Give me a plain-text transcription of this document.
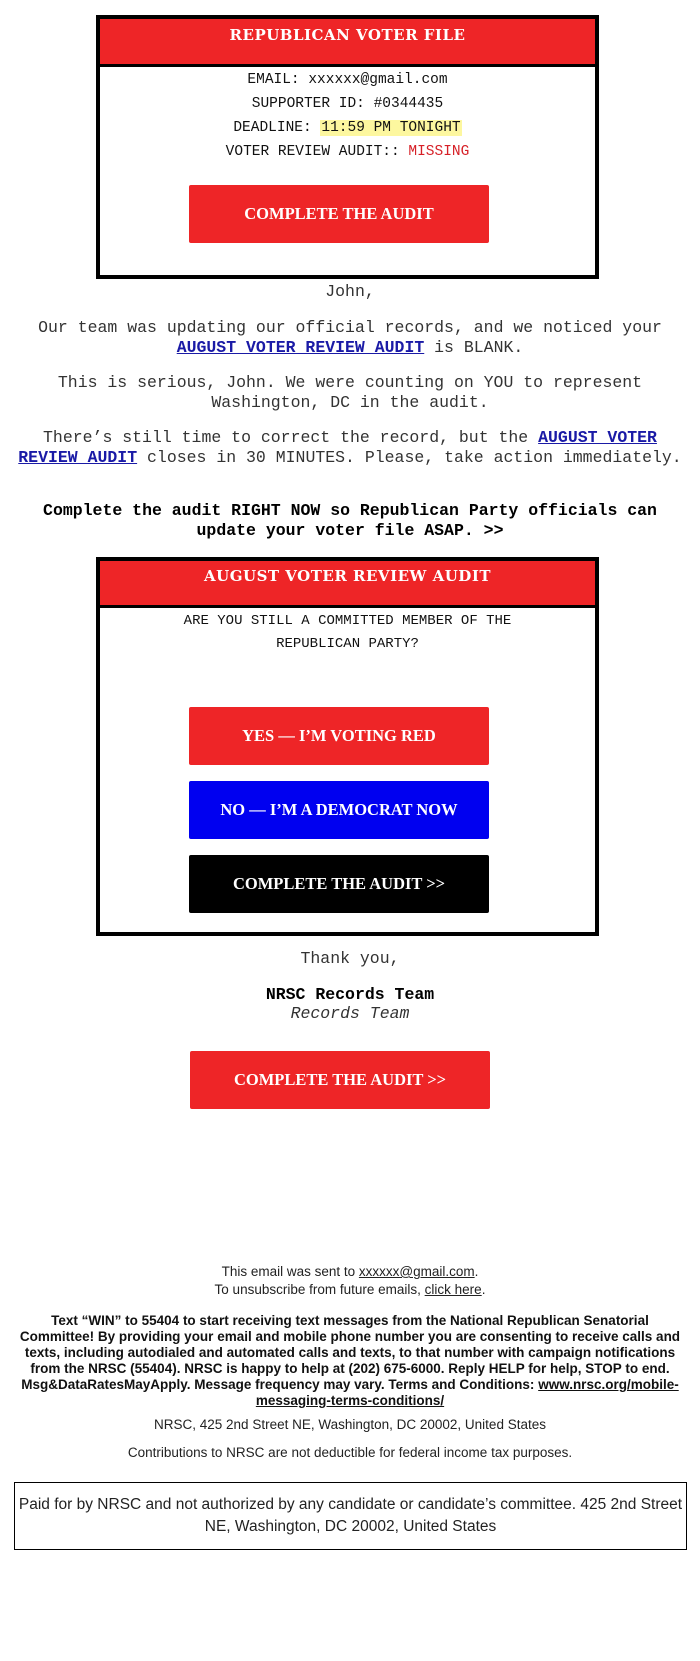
REPUBLICAN VOTER FILE
EMAIL: xxxxxx@gmail.com
SUPPORTER ID: #0344435
DEADLINE: 11:59 PM TONIGHT
VOTER REVIEW AUDIT:: MISSING
COMPLETE THE AUDIT
John,
Our team was updating our official records, and we noticed your AUGUST VOTER REVIEW AUDIT is BLANK.
This is serious, John. We were counting on YOU to represent Washington, DC in the audit.
There’s still time to correct the record, but the AUGUST VOTER REVIEW AUDIT closes in 30 MINUTES. Please, take action immediately.
Complete the audit RIGHT NOW so Republican Party officials can update your voter file ASAP. >>
AUGUST VOTER REVIEW AUDIT
ARE YOU STILL A COMMITTED MEMBER OF THE REPUBLICAN PARTY?
YES — I’M VOTING RED
NO — I’M A DEMOCRAT NOW
COMPLETE THE AUDIT >>
Thank you,
NRSC Records Team
Records Team
COMPLETE THE AUDIT >>
This email was sent to xxxxxx@gmail.com.
To unsubscribe from future emails, click here.
Text “WIN” to 55404 to start receiving text messages from the National Republican Senatorial Committee! By providing your email and mobile phone number you are consenting to receive calls and texts, including autodialed and automated calls and texts, to that number with campaign notifications from the NRSC (55404). NRSC is happy to help at (202) 675-6000. Reply HELP for help, STOP to end. Msg&DataRatesMayApply. Message frequency may vary. Terms and Conditions: www.nrsc.org/mobile-messaging-terms-conditions/
NRSC, 425 2nd Street NE, Washington, DC 20002, United States
Contributions to NRSC are not deductible for federal income tax purposes.
Paid for by NRSC and not authorized by any candidate or candidate’s committee. 425 2nd Street NE, Washington, DC 20002, United States
